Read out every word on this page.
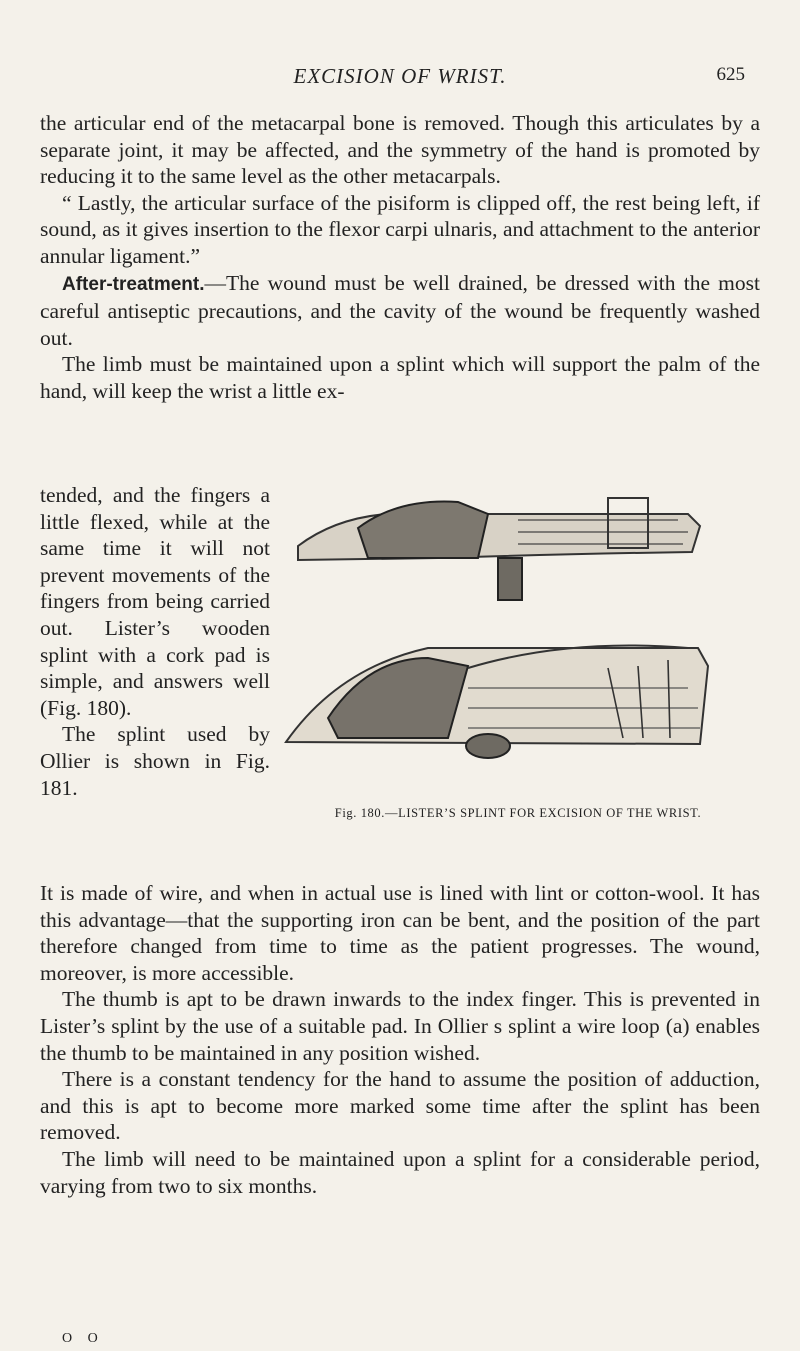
EXCISION OF WRIST.	625

the articular end of the metacarpal bone is removed. Though this articulates by a separate joint, it may be affected, and the symmetry of the hand is promoted by reducing it to the same level as the other metacarpals.

“ Lastly, the articular surface of the pisiform is clipped off, the rest being left, if sound, as it gives insertion to the flexor carpi ulnaris, and attachment to the anterior annular ligament.”

After-treatment.—The wound must be well drained, be dressed with the most careful antiseptic precautions, and the cavity of the wound be frequently washed out.

The limb must be maintained upon a splint which will support the palm of the hand, will keep the wrist a little ex-

tended, and the fingers a little flexed, while at the same time it will not prevent movements of the fingers from being carried out. Lister’s wooden splint with a cork pad is simple, and answers well (Fig. 180).

The splint used by Ollier is shown in Fig. 181.

Fig. 180.—LISTER’S SPLINT FOR EXCISION OF THE WRIST.

It is made of wire, and when in actual use is lined with lint or cotton-wool. It has this advantage—that the supporting iron can be bent, and the position of the part therefore changed from time to time as the patient progresses. The wound, moreover, is more accessible.

The thumb is apt to be drawn inwards to the index finger. This is prevented in Lister’s splint by the use of a suitable pad. In Ollier s splint a wire loop (a) enables the thumb to be maintained in any position wished.

There is a constant tendency for the hand to assume the position of adduction, and this is apt to become more marked some time after the splint has been removed.

The limb will need to be maintained upon a splint for a considerable period, varying from two to six months.

O O
